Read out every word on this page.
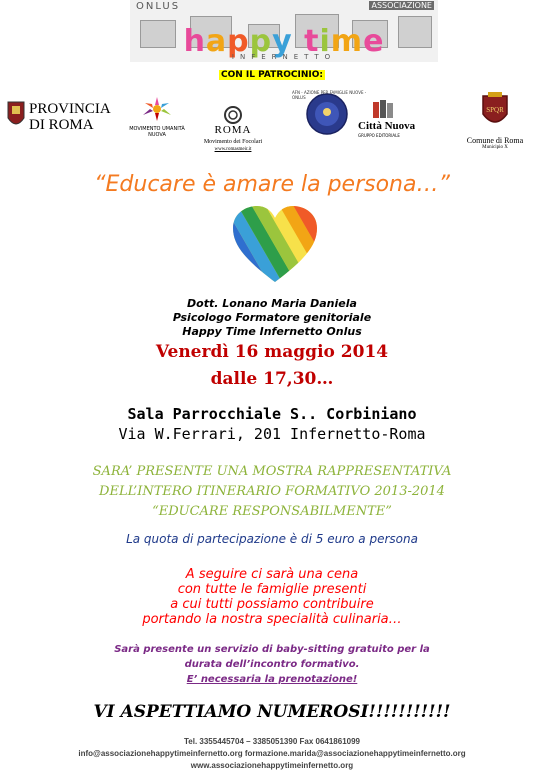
ONLUS	ASSOCIAZIONE
happy time
INFERNETTO
CON IL PATROCINIO:
PROVINCIA
DI ROMA	MOVIMENTO UMANITÀ NUOVA	ROMA
Movimento dei Focolari
www.romasmeir.it
AFN - AZIONE PER FAMIGLIE NUOVE - ONLUS
Città Nuova
GRUPPO EDITORIALE
SPQR
Comune di Roma
Municipio X
“Educare è amare la persona…”
Dott. Lonano Maria Daniela
Psicologo Formatore genitoriale
Happy Time Infernetto Onlus
Venerdì 16 maggio 2014
dalle 17,30…
Sala Parrocchiale S.. Corbiniano
Via W.Ferrari, 201 Infernetto-Roma
SARA’ PRESENTE UNA MOSTRA RAPPRESENTATIVA
DELL’INTERO ITINERARIO FORMATIVO 2013-2014
“EDUCARE RESPONSABILMENTE”
La quota di partecipazione è di 5 euro a persona
A seguire ci sarà una cena
con tutte le famiglie presenti
a cui tutti possiamo contribuire
portando la nostra specialità culinaria…
Sarà presente un servizio di baby-sitting gratuito per la
durata dell’incontro formativo.
E’ necessaria la prenotazione!
VI ASPETTIAMO NUMEROSI!!!!!!!!!!!
Tel. 3355445704 – 3385051390 Fax 0641861099
info@associazionehappytimeinfernetto.org formazione.marida@associazionehappytimeinfernetto.org
www.associazionehappytimeinfernetto.org
